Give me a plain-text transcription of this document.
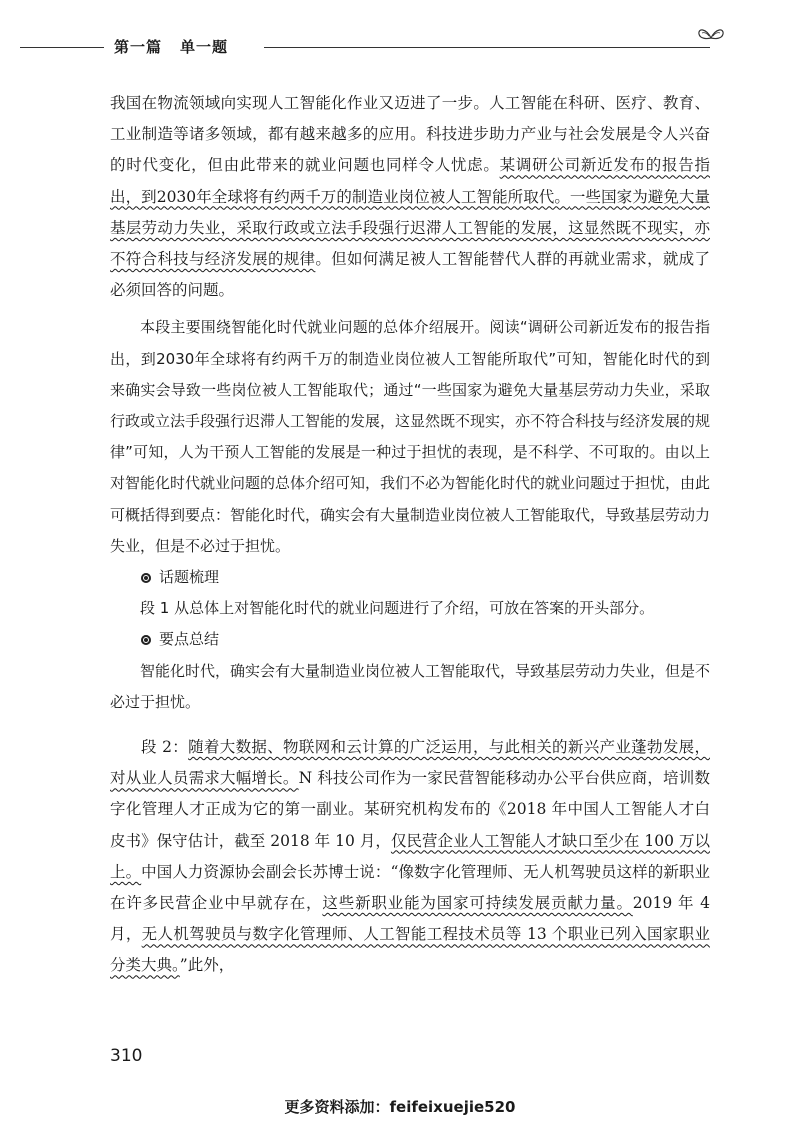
第一篇 单一题

我国在物流领域向实现人工智能化作业又迈进了一步。人工智能在科研、医疗、教育、工业制造等诸多领域，都有越来越多的应用。科技进步助力产业与社会发展是令人兴奋的时代变化，但由此带来的就业问题也同样令人忧虑。某调研公司新近发布的报告指出，到2030年全球将有约两千万的制造业岗位被人工智能所取代。一些国家为避免大量基层劳动力失业，采取行政或立法手段强行迟滞人工智能的发展，这显然既不现实，亦不符合科技与经济发展的规律。但如何满足被人工智能替代人群的再就业需求，就成了必须回答的问题。

本段主要围绕智能化时代就业问题的总体介绍展开。阅读“调研公司新近发布的报告指出，到2030年全球将有约两千万的制造业岗位被人工智能所取代”可知，智能化时代的到来确实会导致一些岗位被人工智能取代；通过“一些国家为避免大量基层劳动力失业，采取行政或立法手段强行迟滞人工智能的发展，这显然既不现实，亦不符合科技与经济发展的规律”可知，人为干预人工智能的发展是一种过于担忧的表现，是不科学、不可取的。由以上对智能化时代就业问题的总体介绍可知，我们不必为智能化时代的就业问题过于担忧，由此可概括得到要点：智能化时代，确实会有大量制造业岗位被人工智能取代，导致基层劳动力失业，但是不必过于担忧。

话题梳理

段 1 从总体上对智能化时代的就业问题进行了介绍，可放在答案的开头部分。

要点总结

智能化时代，确实会有大量制造业岗位被人工智能取代，导致基层劳动力失业，但是不必过于担忧。

段 2：随着大数据、物联网和云计算的广泛运用，与此相关的新兴产业蓬勃发展，对从业人员需求大幅增长。N 科技公司作为一家民营智能移动办公平台供应商，培训数字化管理人才正成为它的第一副业。某研究机构发布的《2018 年中国人工智能人才白皮书》保守估计，截至 2018 年 10 月，仅民营企业人工智能人才缺口至少在 100 万以上。中国人力资源协会副会长苏博士说：“像数字化管理师、无人机驾驶员这样的新职业在许多民营企业中早就存在，这些新职业能为国家可持续发展贡献力量。2019 年 4 月，无人机驾驶员与数字化管理师、人工智能工程技术员等 13 个职业已列入国家职业分类大典。”此外，

310
更多资料添加：feifeixuejie520
